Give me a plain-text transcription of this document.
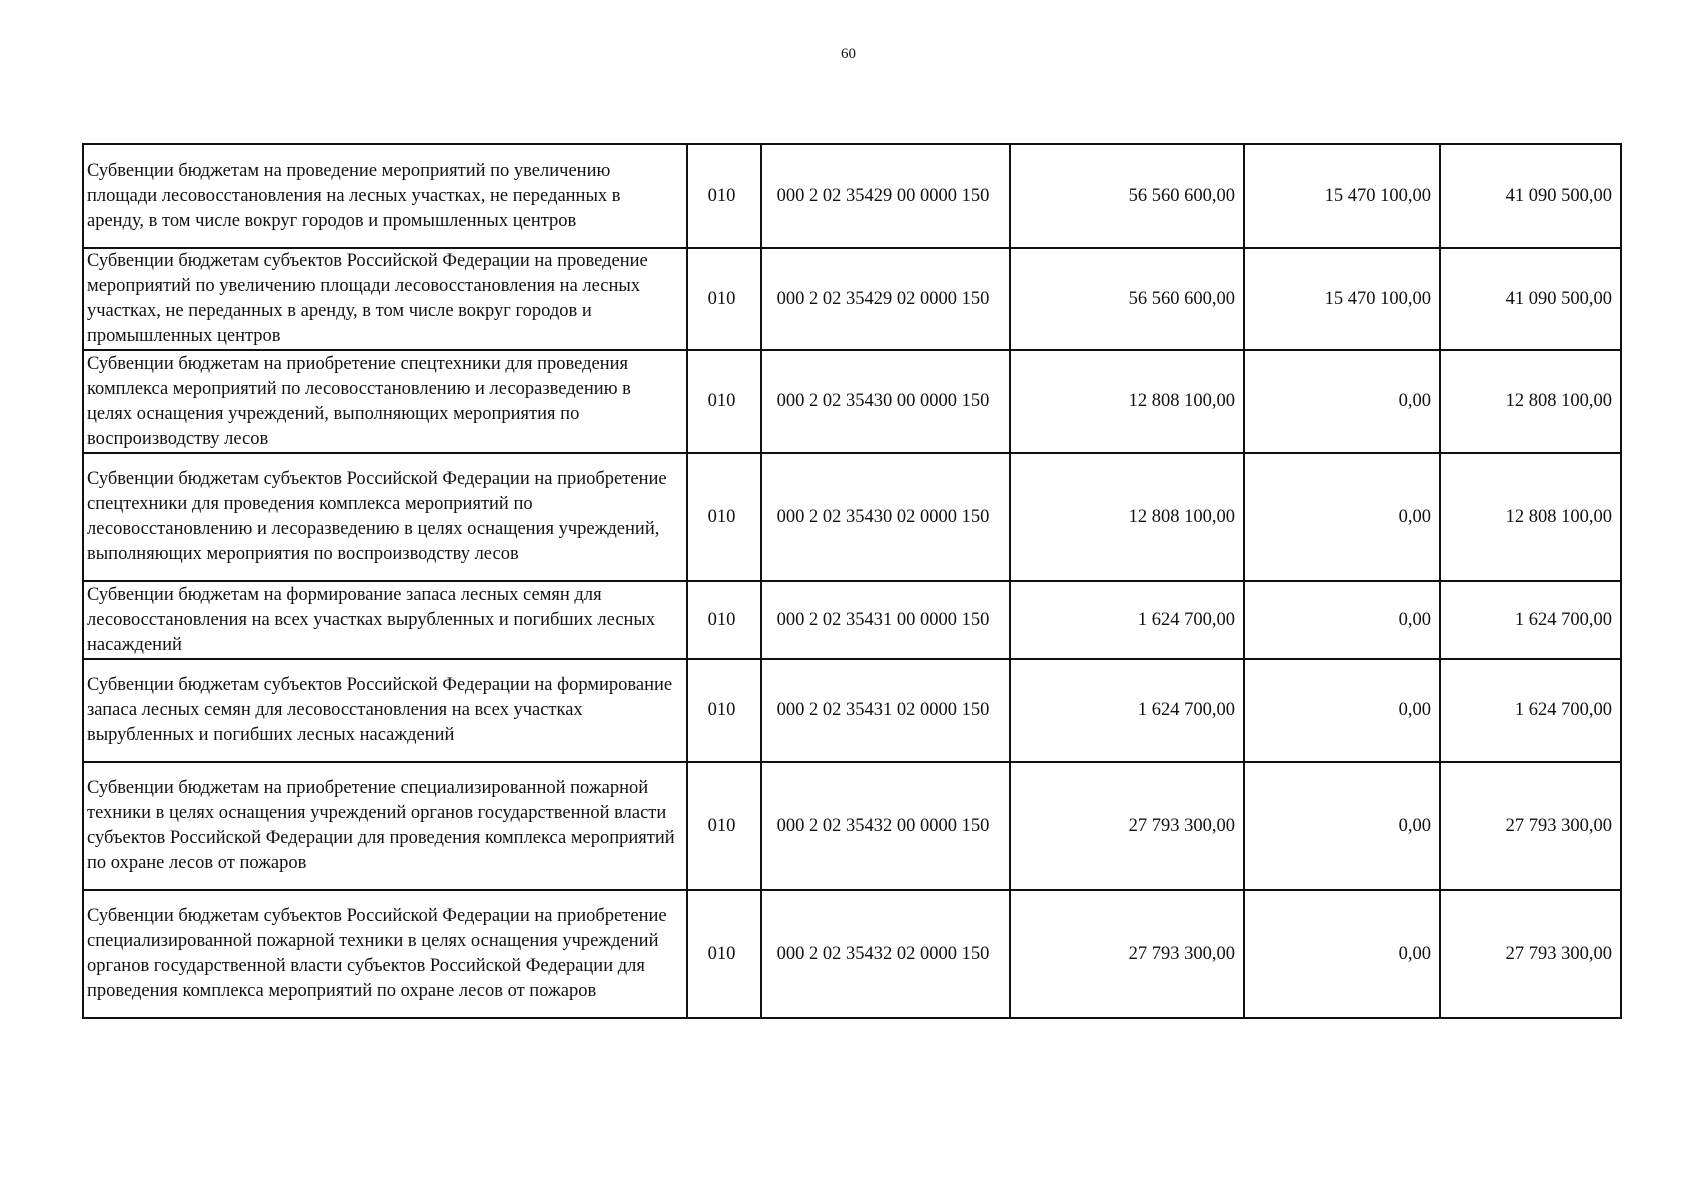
60
Субвенции бюджетам на проведение мероприятий по увеличению площади лесовосстановления на лесных участках, не переданных в аренду, в том числе вокруг городов и промышленных центров	010	000 2 02 35429 00 0000 150	56 560 600,00	15 470 100,00	41 090 500,00
Субвенции бюджетам субъектов Российской Федерации на проведение мероприятий по увеличению площади лесовосстановления на лесных участках, не переданных в аренду, в том числе вокруг городов и промышленных центров	010	000 2 02 35429 02 0000 150	56 560 600,00	15 470 100,00	41 090 500,00
Субвенции бюджетам на приобретение спецтехники для проведения комплекса мероприятий по лесовосстановлению и лесоразведению в целях оснащения учреждений, выполняющих мероприятия по воспроизводству лесов	010	000 2 02 35430 00 0000 150	12 808 100,00	0,00	12 808 100,00
Субвенции бюджетам субъектов Российской Федерации на приобретение спецтехники для проведения комплекса мероприятий по лесовосстановлению и лесоразведению в целях оснащения учреждений, выполняющих мероприятия по воспроизводству лесов	010	000 2 02 35430 02 0000 150	12 808 100,00	0,00	12 808 100,00
Субвенции бюджетам на формирование запаса лесных семян для лесовосстановления на всех участках вырубленных и погибших лесных насаждений	010	000 2 02 35431 00 0000 150	1 624 700,00	0,00	1 624 700,00
Субвенции бюджетам субъектов Российской Федерации на формирование запаса лесных семян для лесовосстановления на всех участках вырубленных и погибших лесных насаждений	010	000 2 02 35431 02 0000 150	1 624 700,00	0,00	1 624 700,00
Субвенции бюджетам на приобретение специализированной пожарной техники в целях оснащения учреждений органов государственной власти субъектов Российской Федерации для проведения комплекса мероприятий по охране лесов от пожаров	010	000 2 02 35432 00 0000 150	27 793 300,00	0,00	27 793 300,00
Субвенции бюджетам субъектов Российской Федерации на приобретение специализированной пожарной техники в целях оснащения учреждений органов государственной власти субъектов Российской Федерации для проведения комплекса мероприятий по охране лесов от пожаров	010	000 2 02 35432 02 0000 150	27 793 300,00	0,00	27 793 300,00
